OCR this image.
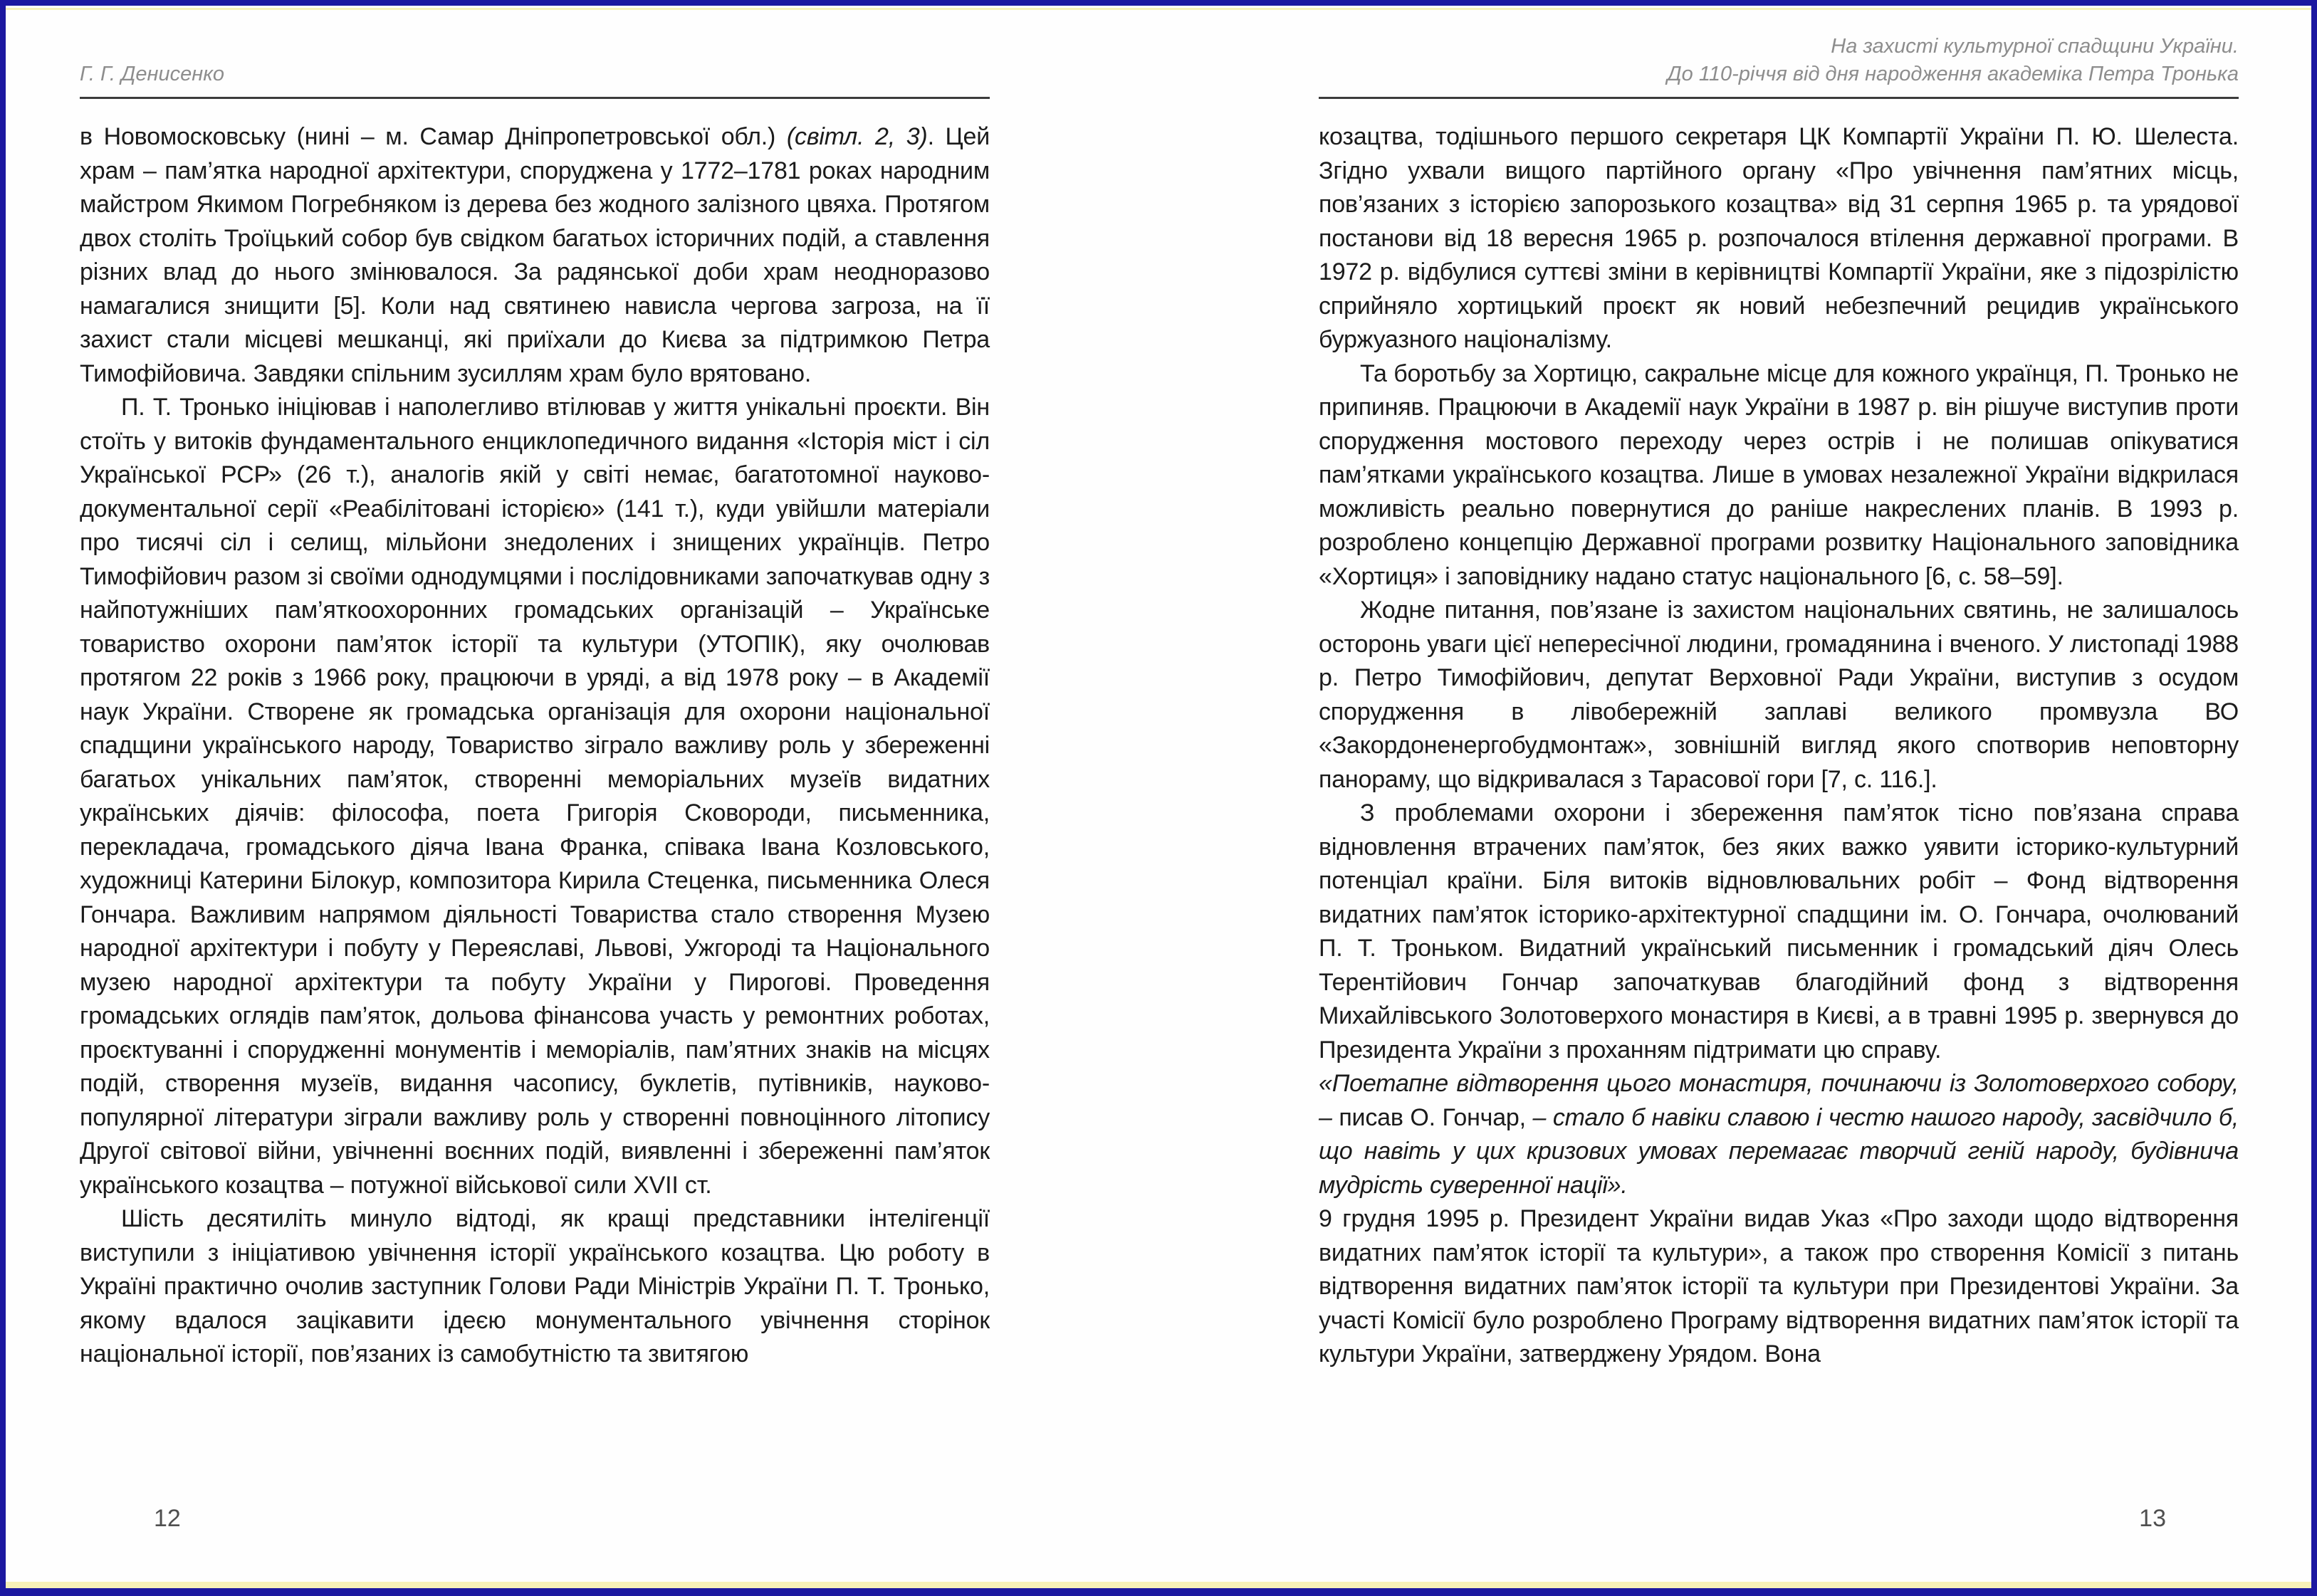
Г. Г. Денисенко

в Новомосковську (нині – м. Самар Дніпропетровської обл.) (світл. 2, 3). Цей храм – пам’ятка народної архітектури, споруджена у 1772–1781 роках народним майстром Якимом Погребняком із дерева без жодного залізного цвяха. Протягом двох століть Троїцький собор був свідком багатьох історичних подій, а ставлення різних влад до нього змінювалося. За радянської доби храм неодноразово намагалися знищити [5]. Коли над святинею нависла чергова загроза, на її захист стали місцеві мешканці, які приїхали до Києва за підтримкою Петра Тимофійовича. Завдяки спільним зусиллям храм було врятовано.

П. Т. Тронько ініціював і наполегливо втілював у життя унікальні проєкти. Він стоїть у витоків фундаментального енциклопедичного видання «Історія міст і сіл Української РСР» (26 т.), аналогів якій у світі немає, багатотомної науково-документальної серії «Реабілітовані історією» (141 т.), куди увійшли матеріали про тисячі сіл і селищ, мільйони знедолених і знищених українців. Петро Тимофійович разом зі своїми однодумцями і послідовниками започаткував одну з найпотужніших пам’яткоохоронних громадських організацій – Українське товариство охорони пам’яток історії та культури (УТОПІК), яку очолював протягом 22 років з 1966 року, працюючи в уряді, а від 1978 року – в Академії наук України. Створене як громадська організація для охорони національної спадщини українського народу, Товариство зіграло важливу роль у збереженні багатьох унікальних пам’яток, створенні меморіальних музеїв видатних українських діячів: філософа, поета Григорія Сковороди, письменника, перекладача, громадського діяча Івана Франка, співака Івана Козловського, художниці Катерини Білокур, композитора Кирила Стеценка, письменника Олеся Гончара. Важливим напрямом діяльності Товариства стало створення Музею народної архітектури і побуту у Переяславі, Львові, Ужгороді та Національного музею народної архітектури та побуту України у Пирогові. Проведення громадських оглядів пам’яток, дольова фінансова участь у ремонтних роботах, проєктуванні і спорудженні монументів і меморіалів, пам’ятних знаків на місцях подій, створення музеїв, видання часопису, буклетів, путівників, науково-популярної літератури зіграли важливу роль у створенні повноцінного літопису Другої світової війни, увічненні воєнних подій, виявленні і збереженні пам’яток українського козацтва – потужної військової сили XVII ст.

Шість десятиліть минуло відтоді, як кращі представники інтелігенції виступили з ініціативою увічнення історії українського козацтва. Цю роботу в Україні практично очолив заступник Голови Ради Міністрів України П. Т. Тронько, якому вдалося зацікавити ідеєю монументального увічнення сторінок національної історії, пов’язаних із самобутністю та звитягою

12
На захисті культурної спадщини України.
До 110-річчя від дня народження академіка Петра Тронька

козацтва, тодішнього першого секретаря ЦК Компартії України П. Ю. Шелеста. Згідно ухвали вищого партійного органу «Про увічнення пам’ятних місць, пов’язаних з історією запорозького козацтва» від 31 серпня 1965 р. та урядової постанови від 18 вересня 1965 р. розпочалося втілення державної програми. В 1972 р. відбулися суттєві зміни в керівництві Компартії України, яке з підозрілістю сприйняло хортицький проєкт як новий небезпечний рецидив українського буржуазного націоналізму.

Та боротьбу за Хортицю, сакральне місце для кожного українця, П. Тронько не припиняв. Працюючи в Академії наук України в 1987 р. він рішуче виступив проти спорудження мостового переходу через острів і не полишав опікуватися пам’ятками українського козацтва. Лише в умовах незалежної України відкрилася можливість реально повернутися до раніше накреслених планів. В 1993 р. розроблено концепцію Державної програми розвитку Національного заповідника «Хортиця» і заповіднику надано статус національного [6, с. 58–59].

Жодне питання, пов’язане із захистом національних святинь, не залишалось осторонь уваги цієї непересічної людини, громадянина і вченого. У листопаді 1988 р. Петро Тимофійович, депутат Верховної Ради України, виступив з осудом спорудження в лівобережній заплаві великого промвузла ВО «Закордоненергобудмонтаж», зовнішній вигляд якого спотворив неповторну панораму, що відкривалася з Тарасової гори [7, с. 116.].

З проблемами охорони і збереження пам’яток тісно пов’язана справа відновлення втрачених пам’яток, без яких важко уявити історико-культурний потенціал країни. Біля витоків відновлювальних робіт – Фонд відтворення видатних пам’яток історико-архітектурної спадщини ім. О. Гончара, очолюваний П. Т. Троньком. Видатний український письменник і громадський діяч Олесь Терентійович Гончар започаткував благодійний фонд з відтворення Михайлівського Золотоверхого монастиря в Києві, а в травні 1995 р. звернувся до Президента України з проханням підтримати цю справу.

«Поетапне відтворення цього монастиря, починаючи із Золотоверхого собору, – писав О. Гончар, – стало б навіки славою і честю нашого народу, засвідчило б, що навіть у цих кризових умовах перемагає творчий геній народу, будівнича мудрість суверенної нації».

9 грудня 1995 р. Президент України видав Указ «Про заходи щодо відтворення видатних пам’яток історії та культури», а також про створення Комісії з питань відтворення видатних пам’яток історії та культури при Президентові України. За участі Комісії було розроблено Програму відтворення видатних пам’яток історії та культури України, затверджену Урядом. Вона

13
